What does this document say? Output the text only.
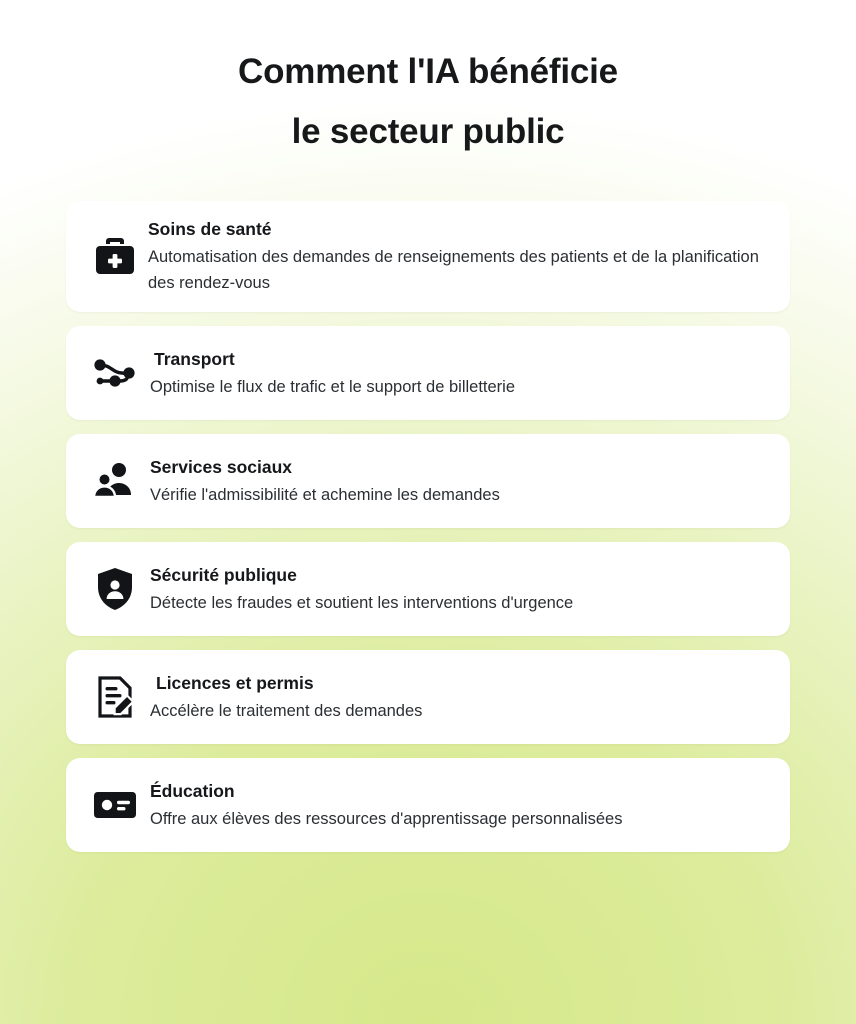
Comment l'IA bénéficie
le secteur public
Soins de santé
Automatisation des demandes de renseignements des patients et de la planification des rendez-vous
Transport
Optimise le flux de trafic et le support de billetterie
Services sociaux
Vérifie l'admissibilité et achemine les demandes
Sécurité publique
Détecte les fraudes et soutient les interventions d'urgence
Licences et permis
Accélère le traitement des demandes
Éducation
Offre aux élèves des ressources d'apprentissage personnalisées
